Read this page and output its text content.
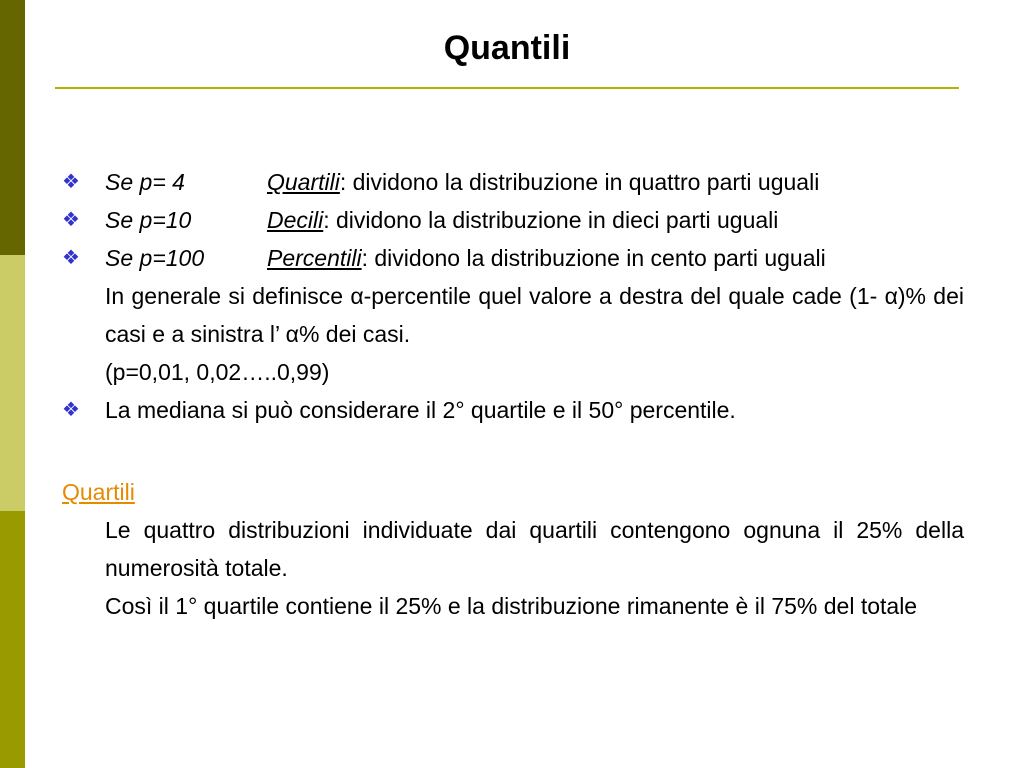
Quantili
❖ Se p= 4	Quartili: dividono la distribuzione in quattro parti uguali
❖ Se p=10	Decili: dividono la distribuzione in dieci parti uguali
❖ Se p=100	Percentili: dividono la distribuzione in cento parti uguali
In generale si definisce α-percentile quel valore a destra del quale cade (1- α)% dei casi e a sinistra l’ α% dei casi.
(p=0,01, 0,02…..0,99)
❖ La mediana si può considerare il 2° quartile e il 50° percentile.
Quartili
Le quattro distribuzioni individuate dai quartili contengono ognuna il 25% della numerosità totale.
Così il 1° quartile contiene il 25% e la distribuzione rimanente è il 75% del totale
